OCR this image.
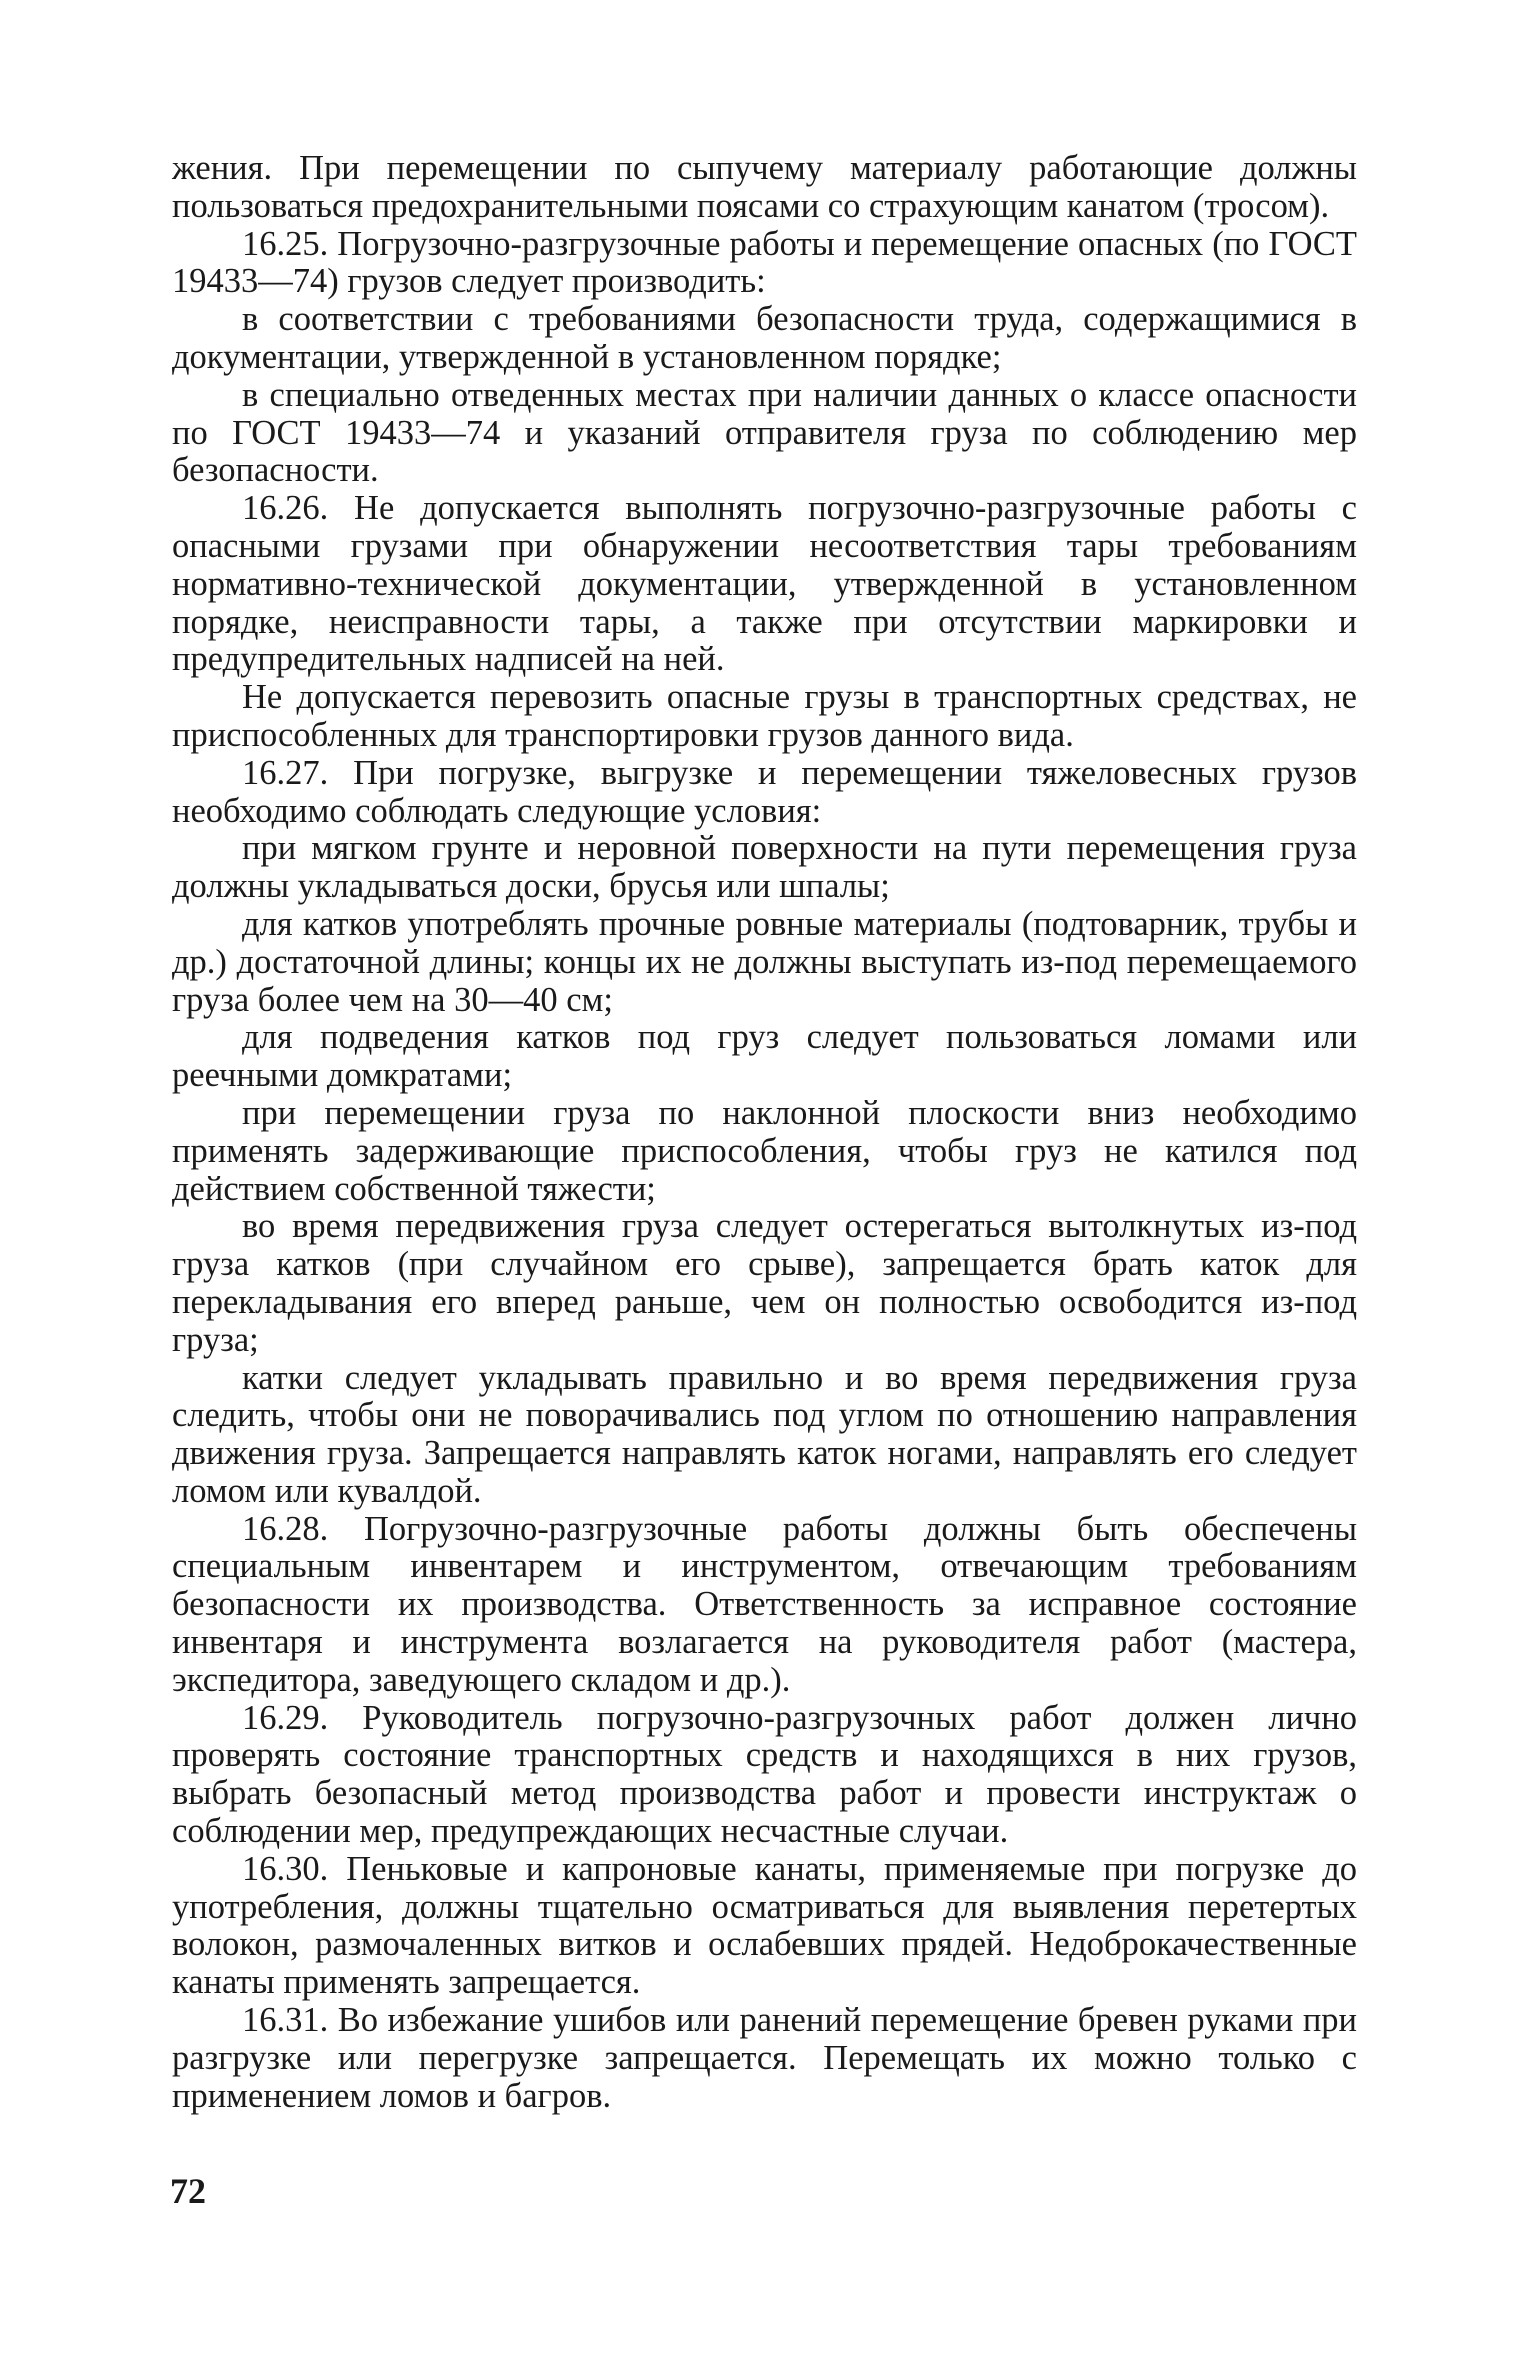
жения. При перемещении по сыпучему материалу работающие должны пользоваться предохранительными поясами со страхующим канатом (тросом).

16.25. Погрузочно-разгрузочные работы и перемещение опасных (по ГОСТ 19433—74) грузов следует производить:

в соответствии с требованиями безопасности труда, содержащимися в документации, утвержденной в установленном порядке;

в специально отведенных местах при наличии данных о классе опасности по ГОСТ 19433—74 и указаний отправителя груза по соблюдению мер безопасности.

16.26. Не допускается выполнять погрузочно-разгрузочные работы с опасными грузами при обнаружении несоответствия тары требованиям нормативно-технической документации, утвержденной в установленном порядке, неисправности тары, а также при отсутствии маркировки и предупредительных надписей на ней.

Не допускается перевозить опасные грузы в транспортных средствах, не приспособленных для транспортировки грузов данного вида.

16.27. При погрузке, выгрузке и перемещении тяжеловесных грузов необходимо соблюдать следующие условия:

при мягком грунте и неровной поверхности на пути перемещения груза должны укладываться доски, брусья или шпалы;

для катков употреблять прочные ровные материалы (подтоварник, трубы и др.) достаточной длины; концы их не должны выступать из-под перемещаемого груза более чем на 30—40 см;

для подведения катков под груз следует пользоваться ломами или реечными домкратами;

при перемещении груза по наклонной плоскости вниз необходимо применять задерживающие приспособления, чтобы груз не катился под действием собственной тяжести;

во время передвижения груза следует остерегаться вытолкнутых из-под груза катков (при случайном его срыве), запрещается брать каток для перекладывания его вперед раньше, чем он полностью освободится из-под груза;

катки следует укладывать правильно и во время передвижения груза следить, чтобы они не поворачивались под углом по отношению направления движения груза. Запрещается направлять каток ногами, направлять его следует ломом или кувалдой.

16.28. Погрузочно-разгрузочные работы должны быть обеспечены специальным инвентарем и инструментом, отвечающим требованиям безопасности их производства. Ответственность за исправное состояние инвентаря и инструмента возлагается на руководителя работ (мастера, экспедитора, заведующего складом и др.).

16.29. Руководитель погрузочно-разгрузочных работ должен лично проверять состояние транспортных средств и находящихся в них грузов, выбрать безопасный метод производства работ и провести инструктаж о соблюдении мер, предупреждающих несчастные случаи.

16.30. Пеньковые и капроновые канаты, применяемые при погрузке до употребления, должны тщательно осматриваться для выявления перетертых волокон, размочаленных витков и ослабевших прядей. Недоброкачественные канаты применять запрещается.

16.31. Во избежание ушибов или ранений перемещение бревен руками при разгрузке или перегрузке запрещается. Перемещать их можно только с применением ломов и багров.

72
